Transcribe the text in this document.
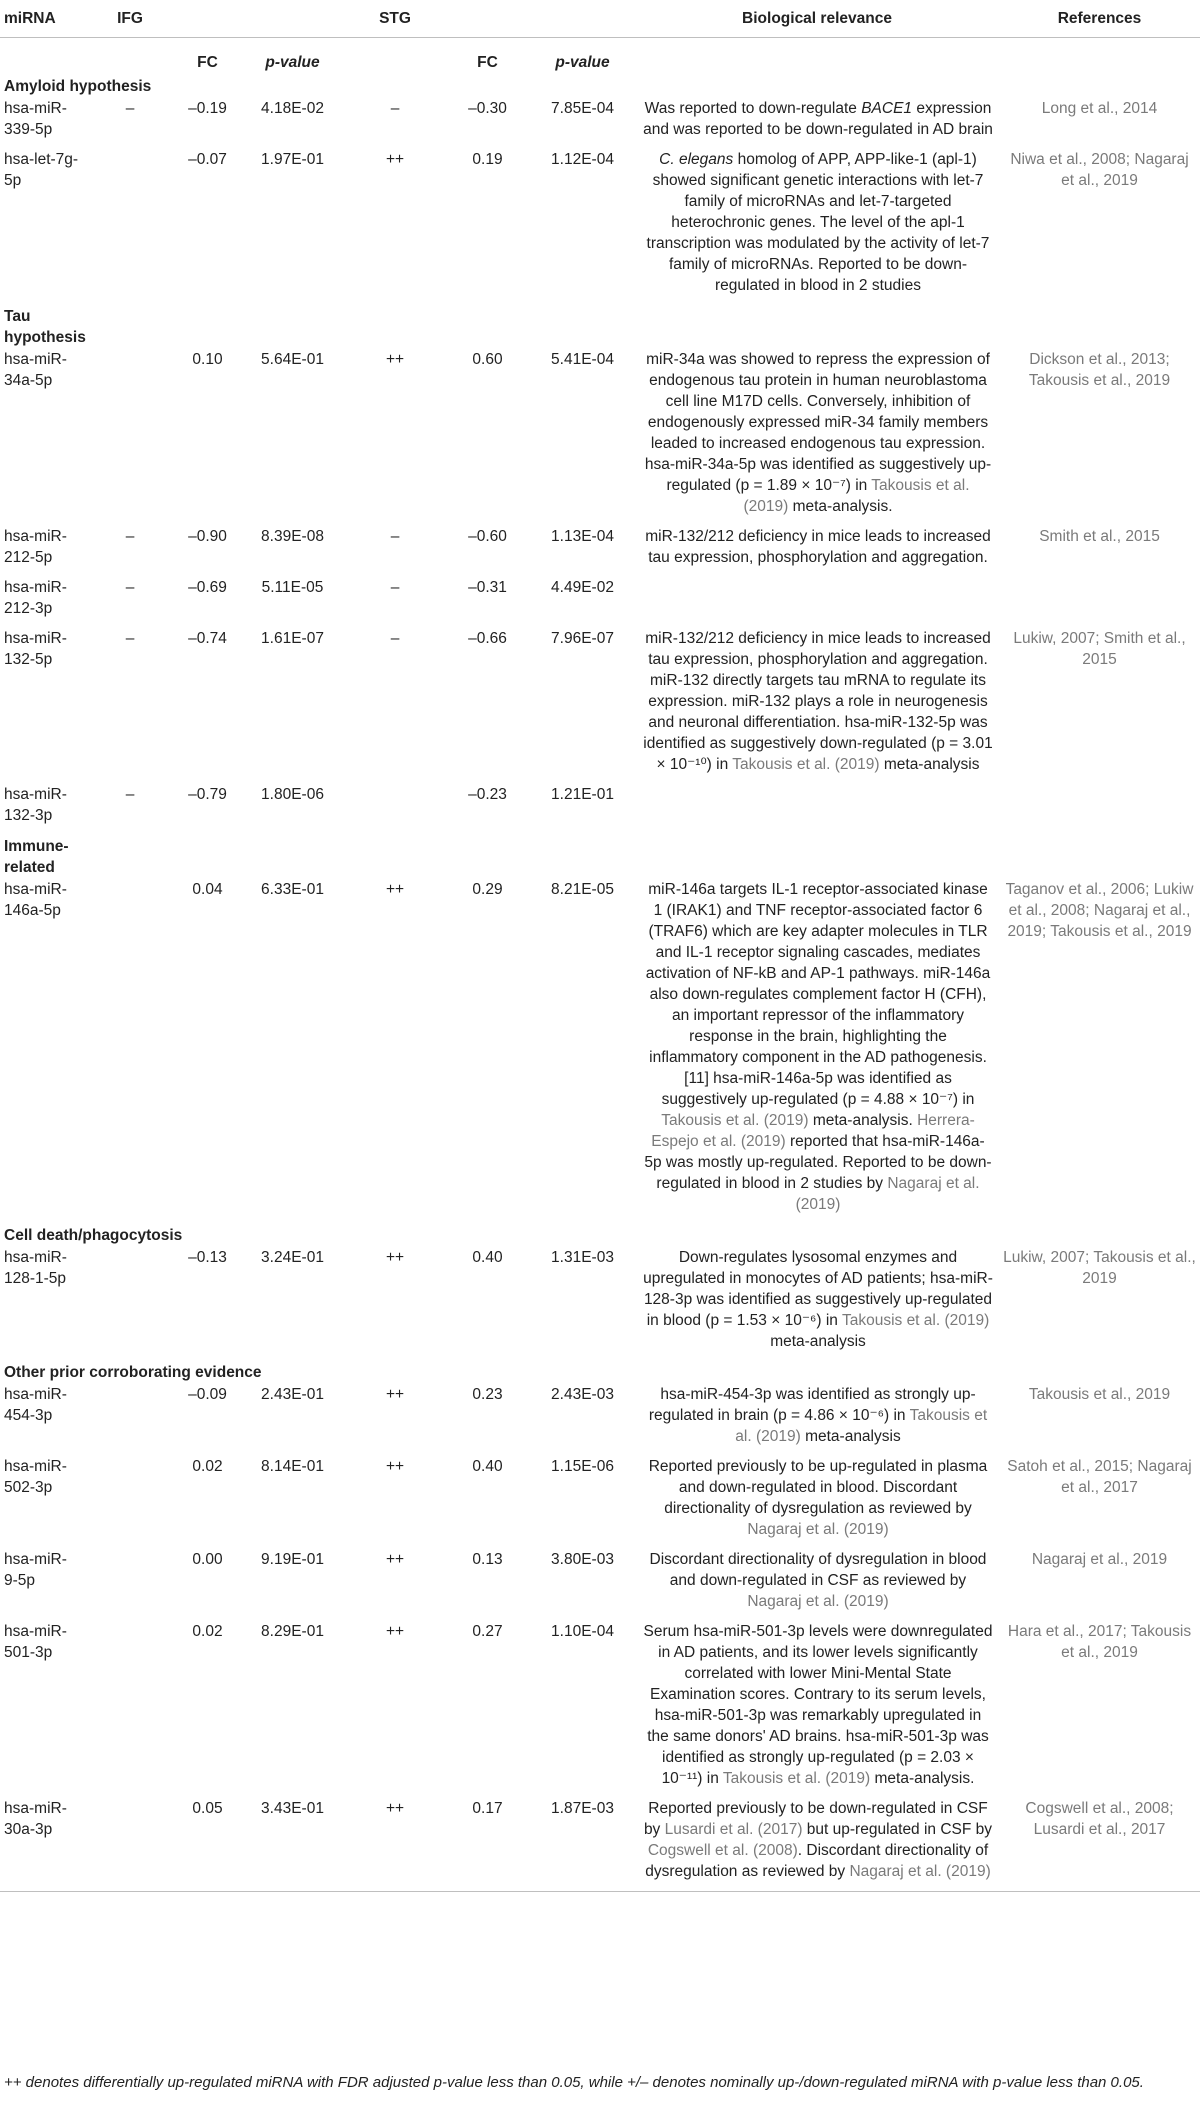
miRNA	IFG			STG			Biological relevance	References
		FC	p-value		FC	p-value		
Amyloid hypothesis								
hsa-miR-339-5p	–	–0.19	4.18E-02	–	–0.30	7.85E-04	Was reported to down-regulate BACE1 expression and was reported to be down-regulated in AD brain	Long et al., 2014
hsa-let-7g-5p		–0.07	1.97E-01	++	0.19	1.12E-04	C. elegans homolog of APP, APP-like-1 (apl-1) showed significant genetic interactions with let-7 family of microRNAs and let-7-targeted heterochronic genes. The level of the apl-1 transcription was modulated by the activity of let-7 family of microRNAs. Reported to be down-regulated in blood in 2 studies	Niwa et al., 2008; Nagaraj et al., 2019
Tau hypothesis								
hsa-miR-34a-5p		0.10	5.64E-01	++	0.60	5.41E-04	miR-34a was showed to repress the expression of endogenous tau protein in human neuroblastoma cell line M17D cells. Conversely, inhibition of endogenously expressed miR-34 family members leaded to increased endogenous tau expression. hsa-miR-34a-5p was identified as suggestively up-regulated (p = 1.89 × 10⁻⁷) in Takousis et al. (2019) meta-analysis.	Dickson et al., 2013; Takousis et al., 2019
hsa-miR-212-5p	–	–0.90	8.39E-08	–	–0.60	1.13E-04	miR-132/212 deficiency in mice leads to increased tau expression, phosphorylation and aggregation.	Smith et al., 2015
hsa-miR-212-3p	–	–0.69	5.11E-05	–	–0.31	4.49E-02		
hsa-miR-132-5p	–	–0.74	1.61E-07	–	–0.66	7.96E-07	miR-132/212 deficiency in mice leads to increased tau expression, phosphorylation and aggregation. miR-132 directly targets tau mRNA to regulate its expression. miR-132 plays a role in neurogenesis and neuronal differentiation. hsa-miR-132-5p was identified as suggestively down-regulated (p = 3.01 × 10⁻¹⁰) in Takousis et al. (2019) meta-analysis	Lukiw, 2007; Smith et al., 2015
hsa-miR-132-3p	–	–0.79	1.80E-06		–0.23	1.21E-01		
Immune-related								
hsa-miR-146a-5p		0.04	6.33E-01	++	0.29	8.21E-05	miR-146a targets IL-1 receptor-associated kinase 1 (IRAK1) and TNF receptor-associated factor 6 (TRAF6) which are key adapter molecules in TLR and IL-1 receptor signaling cascades, mediates activation of NF-kB and AP-1 pathways. miR-146a also down-regulates complement factor H (CFH), an important repressor of the inflammatory response in the brain, highlighting the inflammatory component in the AD pathogenesis. [11] hsa-miR-146a-5p was identified as suggestively up-regulated (p = 4.88 × 10⁻⁷) in Takousis et al. (2019) meta-analysis. Herrera-Espejo et al. (2019) reported that hsa-miR-146a-5p was mostly up-regulated. Reported to be down-regulated in blood in 2 studies by Nagaraj et al. (2019)	Taganov et al., 2006; Lukiw et al., 2008; Nagaraj et al., 2019; Takousis et al., 2019
Cell death/phagocytosis								
hsa-miR-128-1-5p		–0.13	3.24E-01	++	0.40	1.31E-03	Down-regulates lysosomal enzymes and upregulated in monocytes of AD patients; hsa-miR-128-3p was identified as suggestively up-regulated in blood (p = 1.53 × 10⁻⁶) in Takousis et al. (2019) meta-analysis	Lukiw, 2007; Takousis et al., 2019
Other prior corroborating evidence								
hsa-miR-454-3p		–0.09	2.43E-01	++	0.23	2.43E-03	hsa-miR-454-3p was identified as strongly up-regulated in brain (p = 4.86 × 10⁻⁶) in Takousis et al. (2019) meta-analysis	Takousis et al., 2019
hsa-miR-502-3p		0.02	8.14E-01	++	0.40	1.15E-06	Reported previously to be up-regulated in plasma and down-regulated in blood. Discordant directionality of dysregulation as reviewed by Nagaraj et al. (2019)	Satoh et al., 2015; Nagaraj et al., 2017
hsa-miR-9-5p		0.00	9.19E-01	++	0.13	3.80E-03	Discordant directionality of dysregulation in blood and down-regulated in CSF as reviewed by Nagaraj et al. (2019)	Nagaraj et al., 2019
hsa-miR-501-3p		0.02	8.29E-01	++	0.27	1.10E-04	Serum hsa-miR-501-3p levels were downregulated in AD patients, and its lower levels significantly correlated with lower Mini-Mental State Examination scores. Contrary to its serum levels, hsa-miR-501-3p was remarkably upregulated in the same donors' AD brains. hsa-miR-501-3p was identified as strongly up-regulated (p = 2.03 × 10⁻¹¹) in Takousis et al. (2019) meta-analysis.	Hara et al., 2017; Takousis et al., 2019
hsa-miR-30a-3p		0.05	3.43E-01	++	0.17	1.87E-03	Reported previously to be down-regulated in CSF by Lusardi et al. (2017) but up-regulated in CSF by Cogswell et al. (2008). Discordant directionality of dysregulation as reviewed by Nagaraj et al. (2019)	Cogswell et al., 2008; Lusardi et al., 2017
++ denotes differentially up-regulated miRNA with FDR adjusted p-value less than 0.05, while +/– denotes nominally up-/down-regulated miRNA with p-value less than 0.05.
